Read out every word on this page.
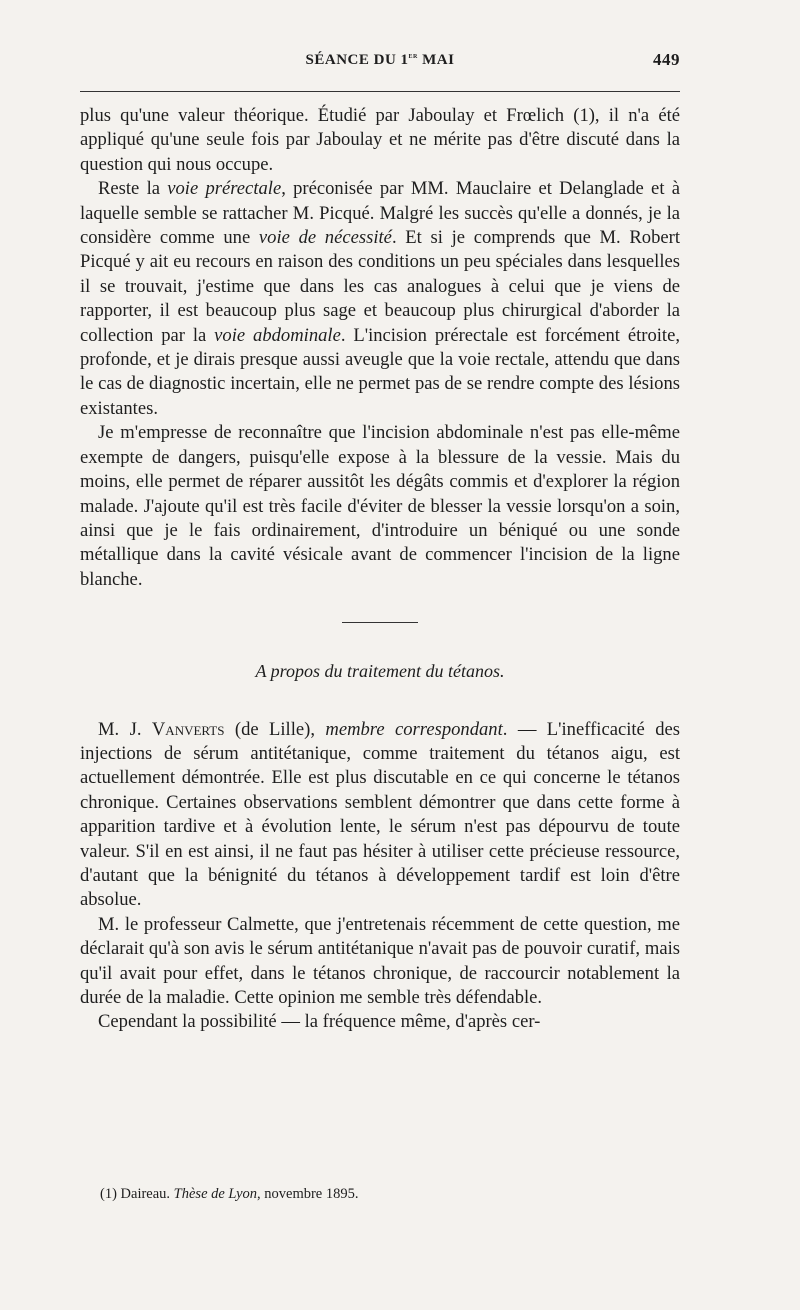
SÉANCE DU 1er MAI	449

plus qu'une valeur théorique. Étudié par Jaboulay et Frœlich (1), il n'a été appliqué qu'une seule fois par Jaboulay et ne mérite pas d'être discuté dans la question qui nous occupe.

Reste la voie prérectale, préconisée par MM. Mauclaire et Delanglade et à laquelle semble se rattacher M. Picqué. Malgré les succès qu'elle a donnés, je la considère comme une voie de nécessité. Et si je comprends que M. Robert Picqué y ait eu recours en raison des conditions un peu spéciales dans lesquelles il se trouvait, j'estime que dans les cas analogues à celui que je viens de rapporter, il est beaucoup plus sage et beaucoup plus chirurgical d'aborder la collection par la voie abdominale. L'incision prérectale est forcément étroite, profonde, et je dirais presque aussi aveugle que la voie rectale, attendu que dans le cas de diagnostic incertain, elle ne permet pas de se rendre compte des lésions existantes.

Je m'empresse de reconnaître que l'incision abdominale n'est pas elle-même exempte de dangers, puisqu'elle expose à la blessure de la vessie. Mais du moins, elle permet de réparer aussitôt les dégâts commis et d'explorer la région malade. J'ajoute qu'il est très facile d'éviter de blesser la vessie lorsqu'on a soin, ainsi que je le fais ordinairement, d'introduire un béniqué ou une sonde métallique dans la cavité vésicale avant de commencer l'incision de la ligne blanche.

A propos du traitement du tétanos.

M. J. Vanverts (de Lille), membre correspondant. — L'inefficacité des injections de sérum antitétanique, comme traitement du tétanos aigu, est actuellement démontrée. Elle est plus discutable en ce qui concerne le tétanos chronique. Certaines observations semblent démontrer que dans cette forme à apparition tardive et à évolution lente, le sérum n'est pas dépourvu de toute valeur. S'il en est ainsi, il ne faut pas hésiter à utiliser cette précieuse ressource, d'autant que la bénignité du tétanos à développement tardif est loin d'être absolue.

M. le professeur Calmette, que j'entretenais récemment de cette question, me déclarait qu'à son avis le sérum antitétanique n'avait pas de pouvoir curatif, mais qu'il avait pour effet, dans le tétanos chronique, de raccourcir notablement la durée de la maladie. Cette opinion me semble très défendable.

Cependant la possibilité — la fréquence même, d'après cer-

(1) Daireau. Thèse de Lyon, novembre 1895.
